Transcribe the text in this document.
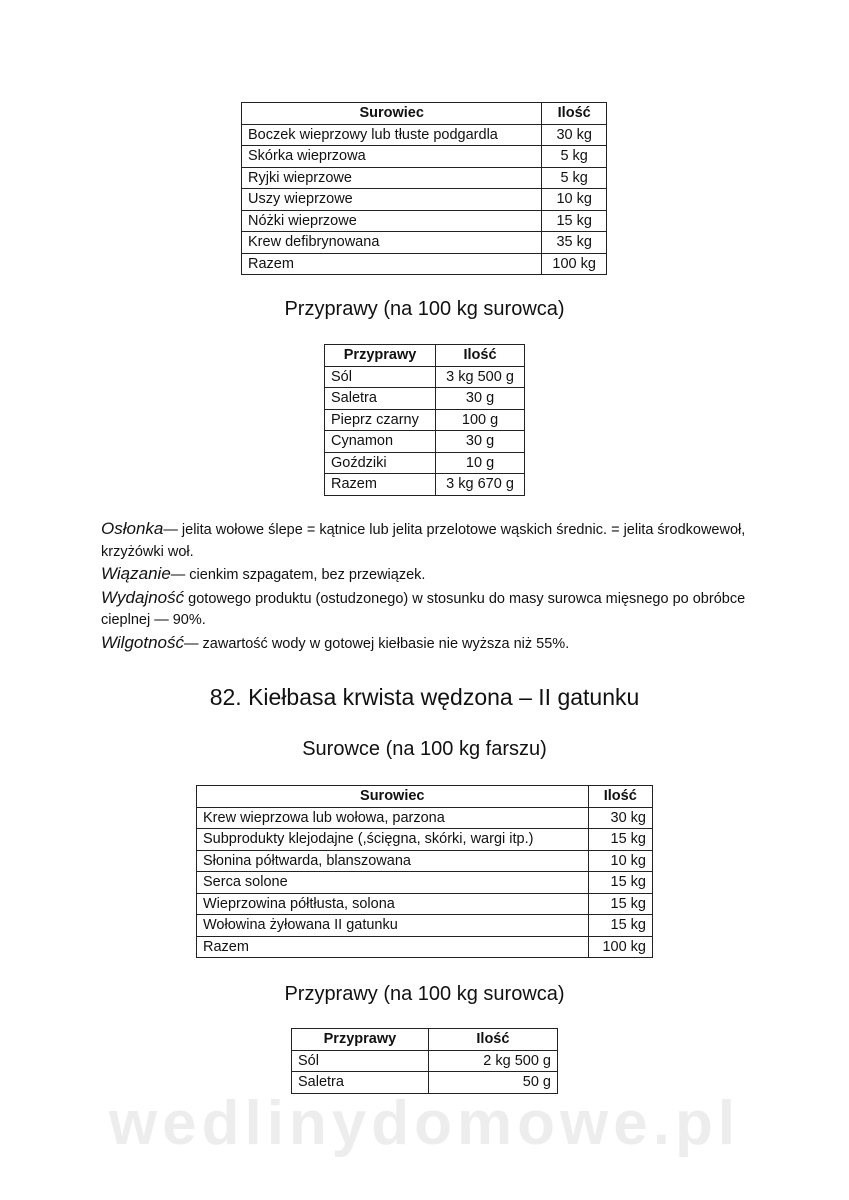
Surowiec	Ilość
Boczek wieprzowy lub tłuste podgardla	30 kg
Skórka wieprzowa	5 kg
Ryjki wieprzowe	5 kg
Uszy wieprzowe	10 kg
Nóżki wieprzowe	15 kg
Krew defibrynowana	35 kg
Razem	100 kg
Przyprawy (na 100 kg surowca)
Przyprawy	Ilość
Sól	3 kg 500 g
Saletra	30 g
Pieprz czarny	100 g
Cynamon	30 g
Goździki	10 g
Razem	3 kg 670 g

Osłonka— jelita wołowe ślepe = kątnice lub jelita przelotowe wąskich średnic. = jelita środkowewoł, krzyżówki woł.

Wiązanie— cienkim szpagatem, bez przewiązek.

Wydajność gotowego produktu (ostudzonego) w stosunku do masy surowca mięsnego po obróbce cieplnej — 90%.

Wilgotność— zawartość wody w gotowej kiełbasie nie wyższa niż 55%.

82. Kiełbasa krwista wędzona – II gatunku
Surowce (na 100 kg farszu)
Surowiec	Ilość
Krew wieprzowa lub wołowa, parzona	30 kg
Subprodukty klejodajne (,ścięgna, skórki, wargi itp.)	15 kg
Słonina półtwarda, blanszowana	10 kg
Serca solone	15 kg
Wieprzowina półtłusta, solona	15 kg
Wołowina żyłowana II gatunku	15 kg
Razem	100 kg
Przyprawy (na 100 kg surowca)
Przyprawy	Ilość
Sól	2 kg 500 g
Saletra	50 g
wedlinydomowe.pl
